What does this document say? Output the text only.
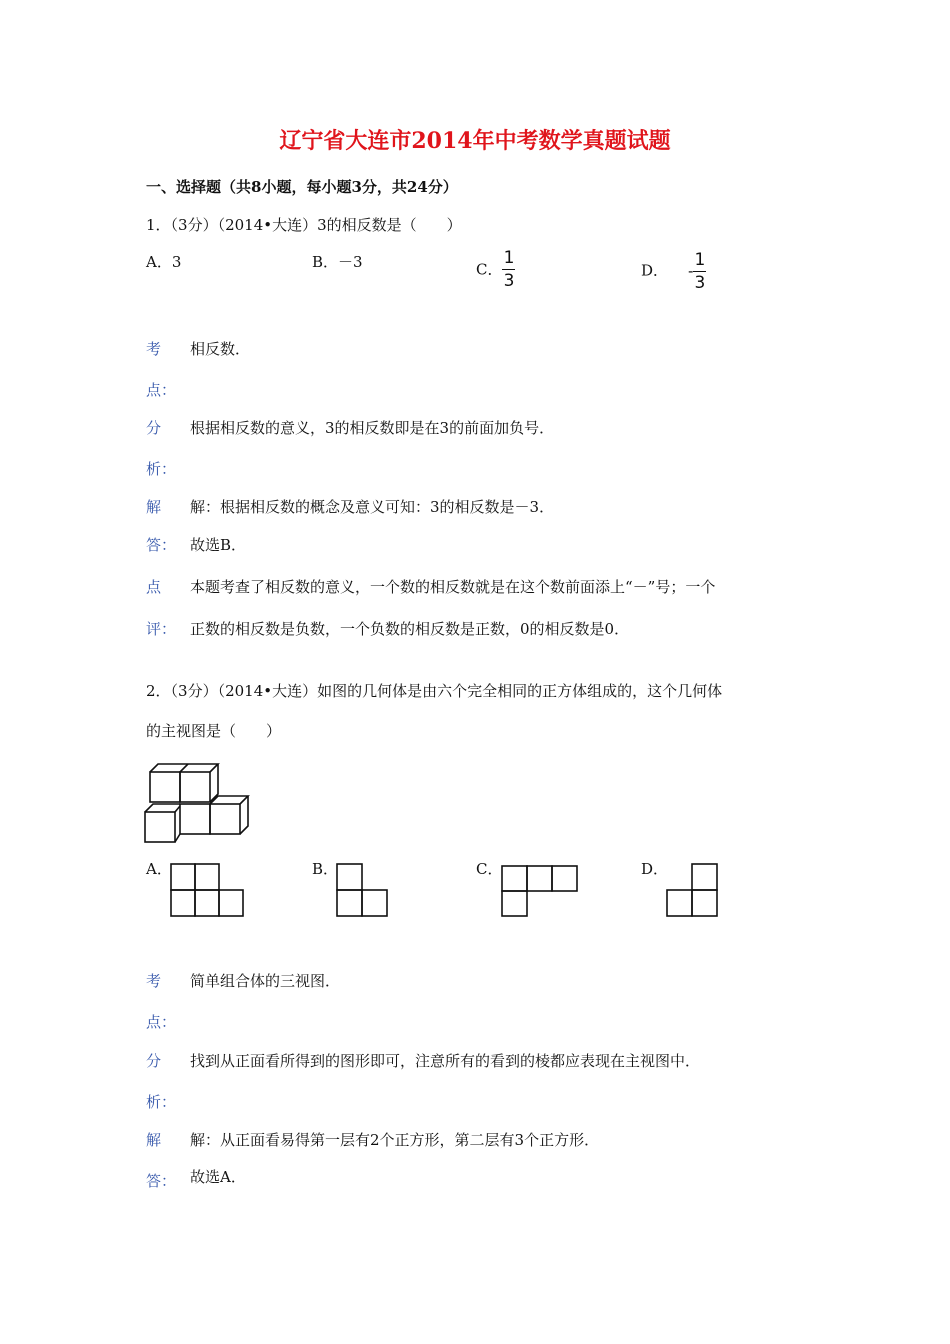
辽宁省大连市2014年中考数学真题试题
一、选择题（共8小题，每小题3分，共24分）
1．（3分）（2014•大连）3的相反数是（　　）
A．3	B．－3	C． $\frac{1}{3}$	D． - $\frac{1}{3}$
考
点：
相反数．
分
析：
根据相反数的意义，3的相反数即是在3的前面加负号．
解
答：
解：根据相反数的概念及意义可知：3的相反数是－3．
故选B．
点
评：
本题考查了相反数的意义，一个数的相反数就是在这个数前面添上“－”号；一个
正数的相反数是负数，一个负数的相反数是正数，0的相反数是0．
2．（3分）（2014•大连）如图的几何体是由六个完全相同的正方体组成的，这个几何体
的主视图是（　　）
A．	B．	C．	D．
考
点：
简单组合体的三视图．
分
析：
找到从正面看所得到的图形即可，注意所有的看到的棱都应表现在主视图中．
解
答：
解：从正面看易得第一层有2个正方形，第二层有3个正方形．
故选A．
